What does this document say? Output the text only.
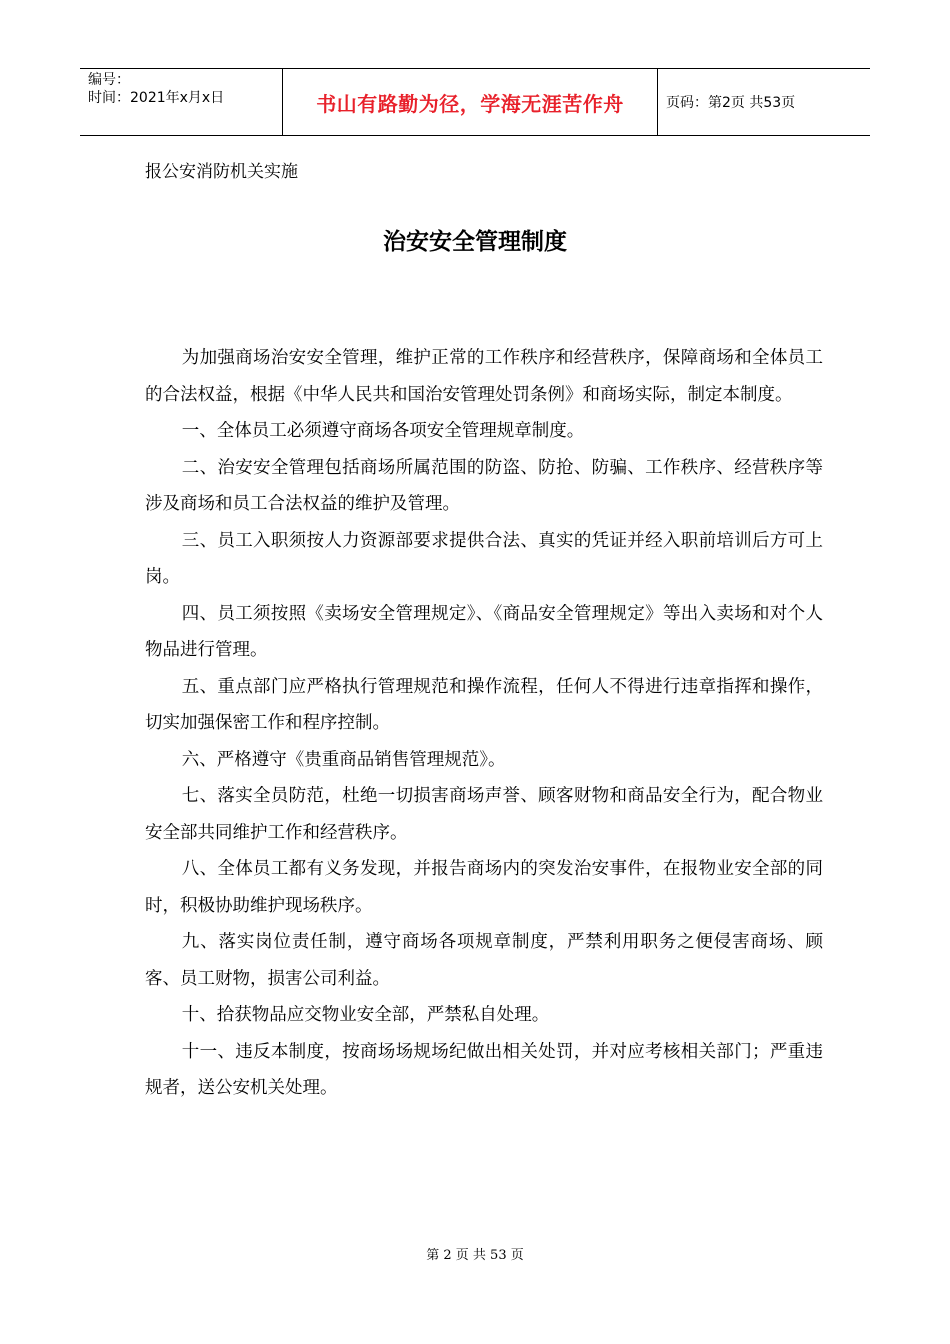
编号：
时间：2021年x月x日	书山有路勤为径，学海无涯苦作舟	页码：第2页 共53页
报公安消防机关实施
治安安全管理制度

为加强商场治安安全管理，维护正常的工作秩序和经营秩序，保障商场和全体员工的合法权益，根据《中华人民共和国治安管理处罚条例》和商场实际，制定本制度。

一、全体员工必须遵守商场各项安全管理规章制度。

二、治安安全管理包括商场所属范围的防盗、防抢、防骗、工作秩序、经营秩序等涉及商场和员工合法权益的维护及管理。

三、员工入职须按人力资源部要求提供合法、真实的凭证并经入职前培训后方可上岗。

四、员工须按照《卖场安全管理规定》、《商品安全管理规定》等出入卖场和对个人物品进行管理。

五、重点部门应严格执行管理规范和操作流程，任何人不得进行违章指挥和操作，切实加强保密工作和程序控制。

六、严格遵守《贵重商品销售管理规范》。

七、落实全员防范，杜绝一切损害商场声誉、顾客财物和商品安全行为，配合物业安全部共同维护工作和经营秩序。

八、全体员工都有义务发现，并报告商场内的突发治安事件，在报物业安全部的同时，积极协助维护现场秩序。

九、落实岗位责任制，遵守商场各项规章制度，严禁利用职务之便侵害商场、顾客、员工财物，损害公司利益。

十、拾获物品应交物业安全部，严禁私自处理。

十一、违反本制度，按商场场规场纪做出相关处罚，并对应考核相关部门；严重违规者，送公安机关处理。

第 2 页 共 53 页
